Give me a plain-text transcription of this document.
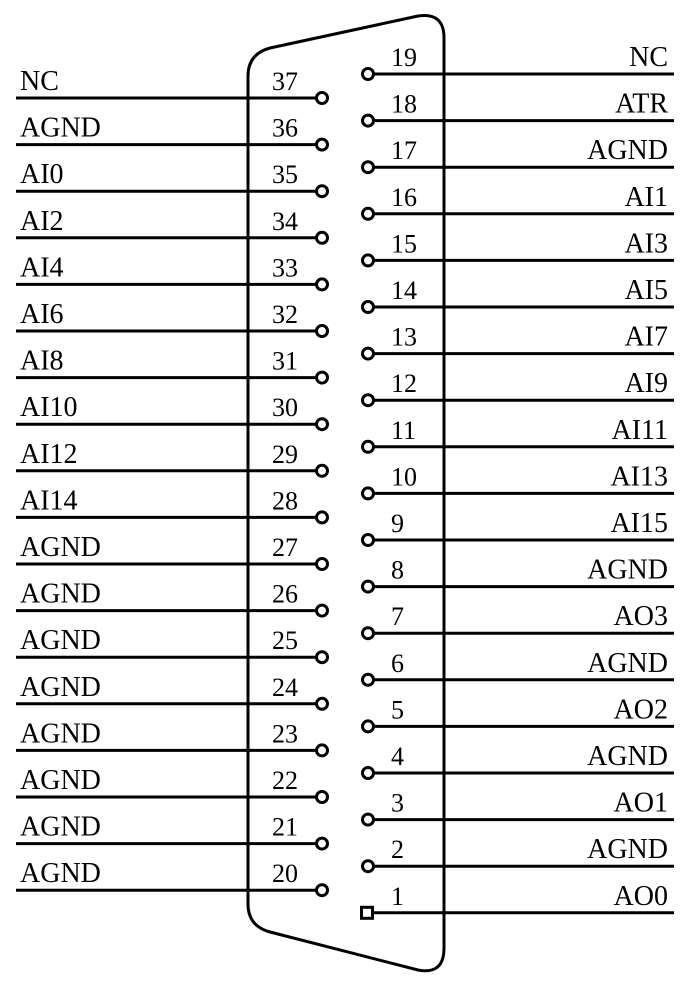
NC	37
AGND	36
AI0	35
AI2	34
AI4	33
AI6	32
AI8	31
AI10	30
AI12	29
AI14	28
AGND	27
AGND	26
AGND	25
AGND	24
AGND	23
AGND	22
AGND	21
AGND	20
19	NC
18	ATR
17	AGND
16	AI1
15	AI3
14	AI5
13	AI7
12	AI9
11	AI11
10	AI13
9	AI15
8	AGND
7	AO3
6	AGND
5	AO2
4	AGND
3	AO1
2	AGND
1	AO0
